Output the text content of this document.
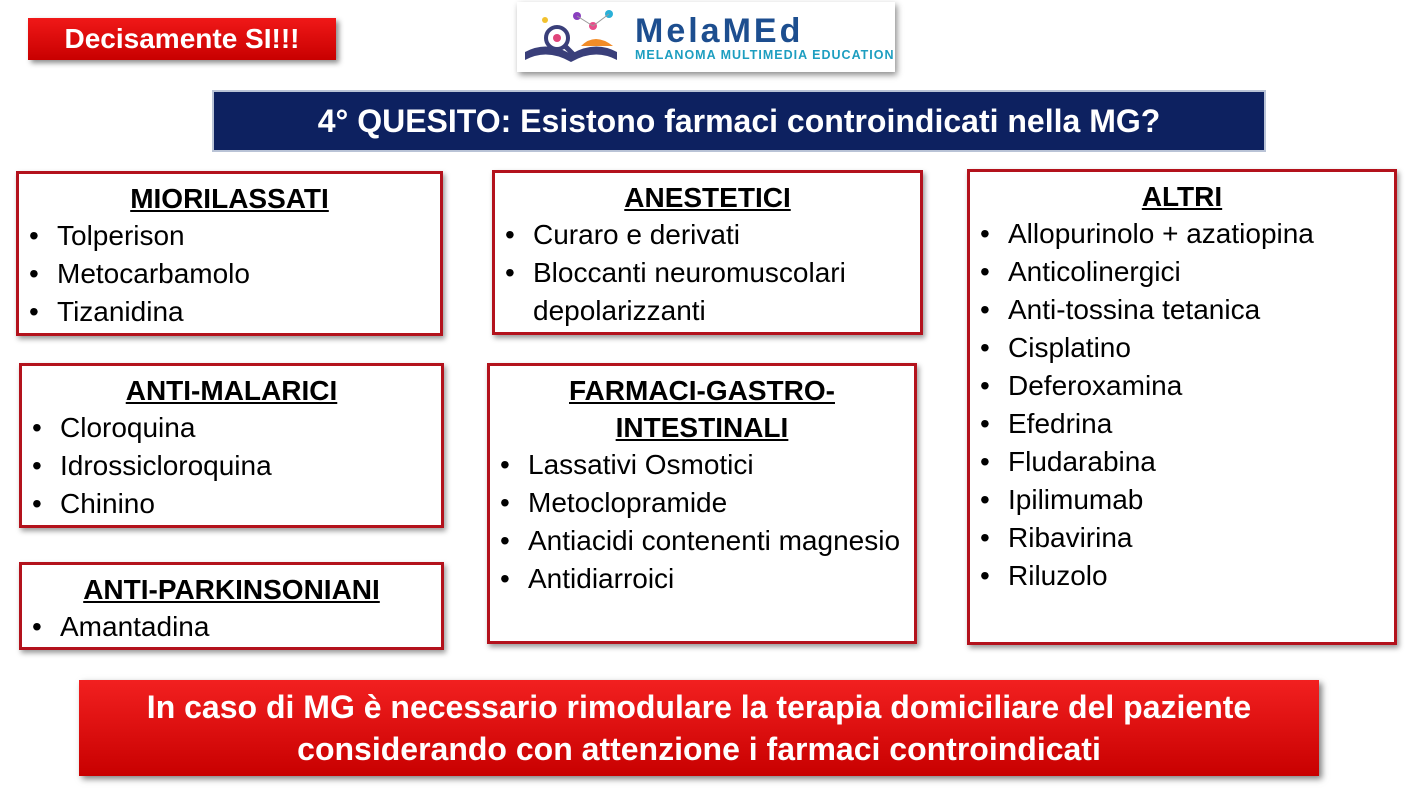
Decisamente SI!!!	MelaMEd
MELANOMA MULTIMEDIA EDUCATION
4° QUESITO: Esistono farmaci controindicati nella MG?
MIORILASSATI
• Tolperison
• Metocarbamolo
• Tizanidina
ANESTETICI
• Curaro e derivati
• Bloccanti neuromuscolari depolarizzanti
ALTRI
• Allopurinolo + azatiopina
• Anticolinergici
• Anti-tossina tetanica
• Cisplatino
• Deferoxamina
• Efedrina
• Fludarabina
• Ipilimumab
• Ribavirina
• Riluzolo
ANTI-MALARICI
• Cloroquina
• Idrossicloroquina
• Chinino
FARMACI-GASTRO-INTESTINALI
• Lassativi Osmotici
• Metoclopramide
• Antiacidi contenenti magnesio
• Antidiarroici
ANTI-PARKINSONIANI
• Amantadina
In caso di MG è necessario rimodulare la terapia domiciliare del paziente considerando con attenzione i farmaci controindicati
